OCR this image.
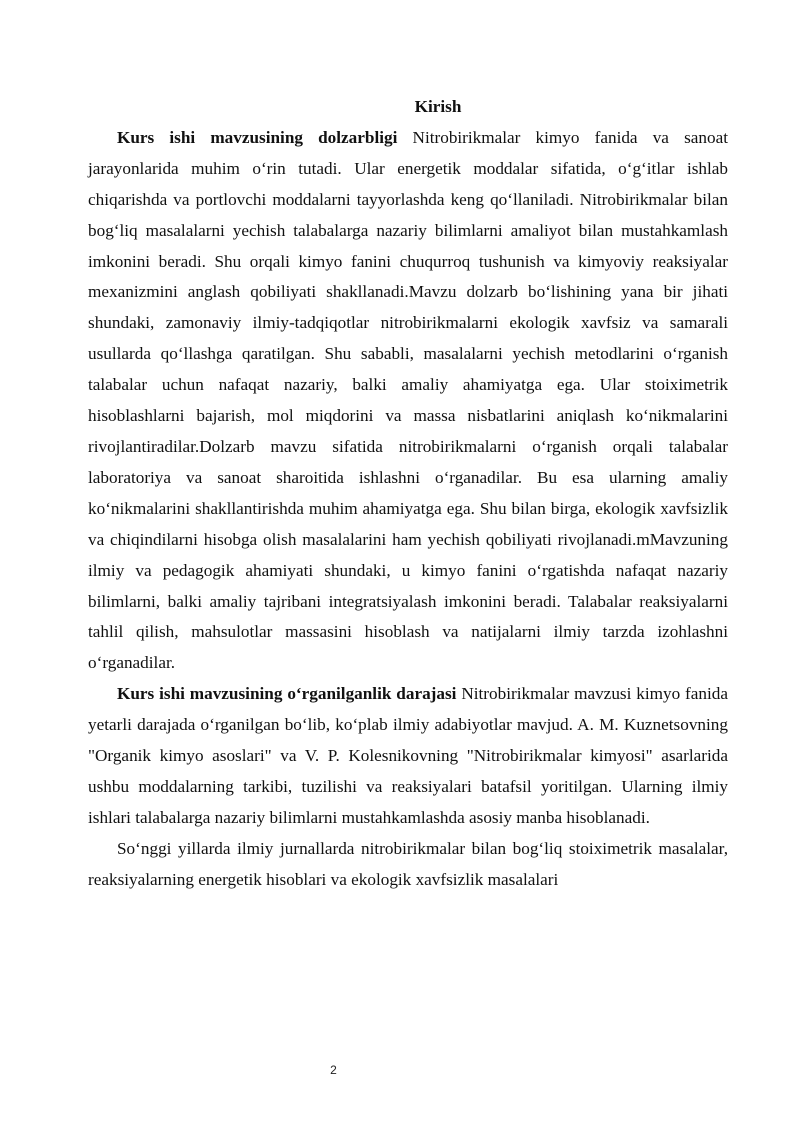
Kirish

Kurs ishi mavzusining dolzarbligi Nitrobirikmalar kimyo fanida va sanoat jarayonlarida muhim o‘rin tutadi. Ular energetik moddalar sifatida, o‘g‘itlar ishlab chiqarishda va portlovchi moddalarni tayyorlashda keng qo‘llaniladi. Nitrobirikmalar bilan bog‘liq masalalarni yechish talabalarga nazariy bilimlarni amaliyot bilan mustahkamlash imkonini beradi. Shu orqali kimyo fanini chuqurroq tushunish va kimyoviy reaksiyalar mexanizmini anglash qobiliyati shakllanadi.Mavzu dolzarb bo‘lishining yana bir jihati shundaki, zamonaviy ilmiy-tadqiqotlar nitrobirikmalarni ekologik xavfsiz va samarali usullarda qo‘llashga qaratilgan. Shu sababli, masalalarni yechish metodlarini o‘rganish talabalar uchun nafaqat nazariy, balki amaliy ahamiyatga ega. Ular stoiximetrik hisoblashlarni bajarish, mol miqdorini va massa nisbatlarini aniqlash ko‘nikmalarini rivojlantiradilar.Dolzarb mavzu sifatida nitrobirikmalarni o‘rganish orqali talabalar laboratoriya va sanoat sharoitida ishlashni o‘rganadilar. Bu esa ularning amaliy ko‘nikmalarini shakllantirishda muhim ahamiyatga ega. Shu bilan birga, ekologik xavfsizlik va chiqindilarni hisobga olish masalalarini ham yechish qobiliyati rivojlanadi.mMavzuning ilmiy va pedagogik ahamiyati shundaki, u kimyo fanini o‘rgatishda nafaqat nazariy bilimlarni, balki amaliy tajribani integratsiyalash imkonini beradi. Talabalar reaksiyalarni tahlil qilish, mahsulotlar massasini hisoblash va natijalarni ilmiy tarzda izohlashni o‘rganadilar.

Kurs ishi mavzusining o‘rganilganlik darajasi Nitrobirikmalar mavzusi kimyo fanida yetarli darajada o‘rganilgan bo‘lib, ko‘plab ilmiy adabiyotlar mavjud. A. M. Kuznetsovning "Organik kimyo asoslari" va V. P. Kolesnikovning "Nitrobirikmalar kimyosi" asarlarida ushbu moddalarning tarkibi, tuzilishi va reaksiyalari batafsil yoritilgan. Ularning ilmiy ishlari talabalarga nazariy bilimlarni mustahkamlashda asosiy manba hisoblanadi.

So‘nggi yillarda ilmiy jurnallarda nitrobirikmalar bilan bog‘liq stoiximetrik masalalar, reaksiyalarning energetik hisoblari va ekologik xavfsizlik masalalari

2
